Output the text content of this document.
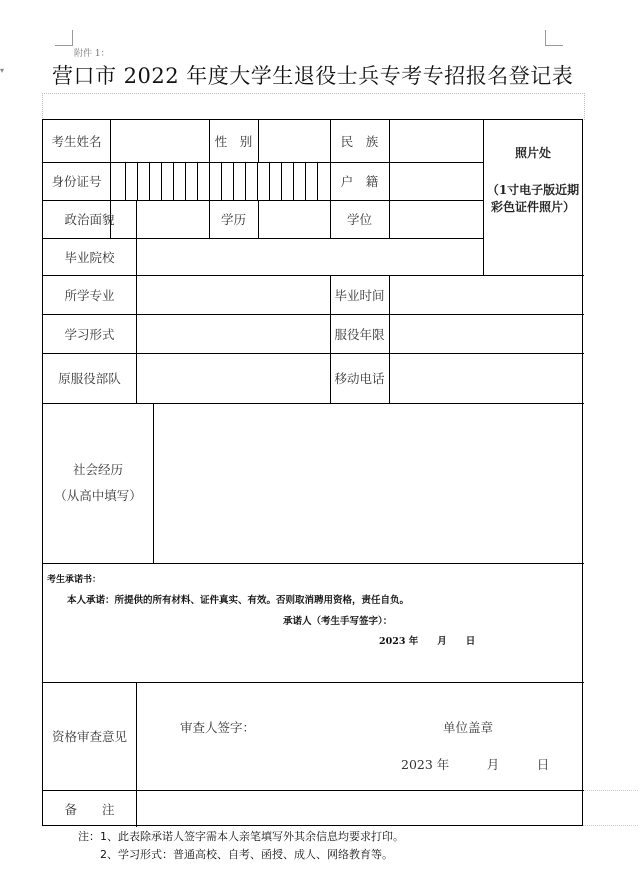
▾
附件 1：
营口市 2022 年度大学生退役士兵专考专招报名登记表
考生姓名	性　别	民　族
照片处
（1寸电子版近期彩色证件照片）
身份证号	户　籍
政治面貌	学历	学位
毕业院校
所学专业	毕业时间
学习形式	服役年限
原服役部队	移动电话
社会经历
（从高中填写）
考生承诺书：
本人承诺：所提供的所有材料、证件真实、有效。否则取消聘用资格，责任自负。
承诺人（考生手写签字）：
2023 年　　月　　日
资格审查意见
审查人签字：	单位盖章
2023 年　　　月　　　日
备　　注
注：1、此表除承诺人签字需本人亲笔填写外其余信息均要求打印。
2、学习形式：普通高校、自考、函授、成人、网络教育等。
